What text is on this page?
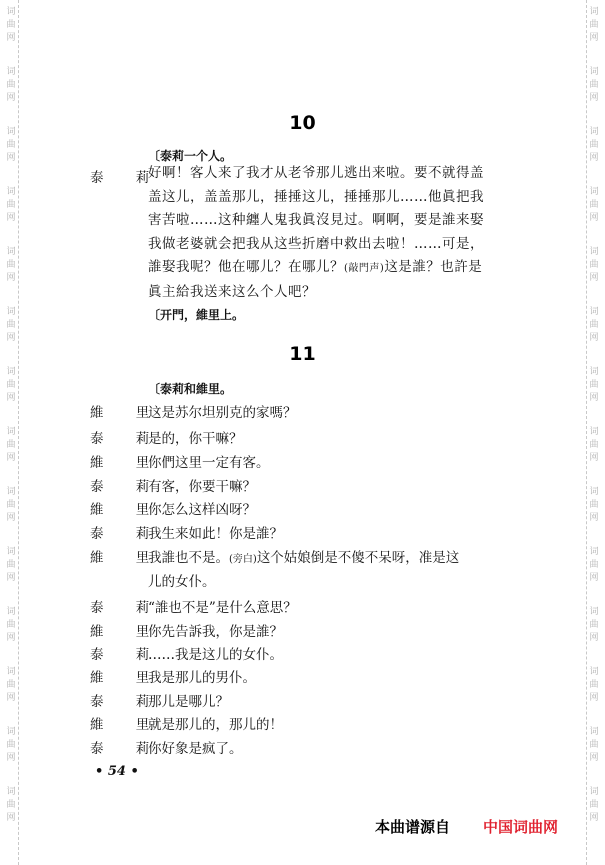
词
曲
网
词
曲
网
词
曲
网
词
曲
网
词
曲
网
词
曲
网
词
曲
网
词
曲
网
词
曲
网
词
曲
网
词
曲
网
词
曲
网
词
曲
网
词
曲
网
词
曲
网
词
曲
网
词
曲
网
词
曲
网
词
曲
网
词
曲
网
词
曲
网
词
曲
网
词
曲
网
词
曲
网
词
曲
网
词
曲
网
词
曲
网
词
曲
网
10
〔泰莉一个人。
泰 莉
好啊！客人来了我才从老爷那儿逃出来啦。要不就得盖盖这儿，盖盖那儿，捶捶这儿，捶捶那儿……他眞把我害苦啦……这种纏人鬼我眞沒見过。啊啊，要是誰来娶我做老婆就会把我从这些折磨中救出去啦！……可是，誰娶我呢？他在哪儿？在哪儿？(敲門声)这是誰？也許是眞主給我送来这么个人吧？
〔开門，維里上。
11
〔泰莉和維里。
維 里
这是苏尔坦别克的家嗎？
泰 莉
是的，你干嘛？
維 里
你們这里一定有客。
泰 莉
有客，你要干嘛？
維 里
你怎么这样凶呀？
泰 莉
我生来如此！你是誰？
維 里
我誰也不是。(旁白)这个姑娘倒是不傻不呆呀，准是这
儿的女仆。
泰 莉
“誰也不是”是什么意思？
維 里
你先告訴我，你是誰？
泰 莉
……我是这儿的女仆。
維 里
我是那儿的男仆。
泰 莉
那儿是哪儿？
維 里
就是那儿的，那儿的！
泰 莉
你好象是疯了。
• 54 •
本曲谱源自 中国词曲网
